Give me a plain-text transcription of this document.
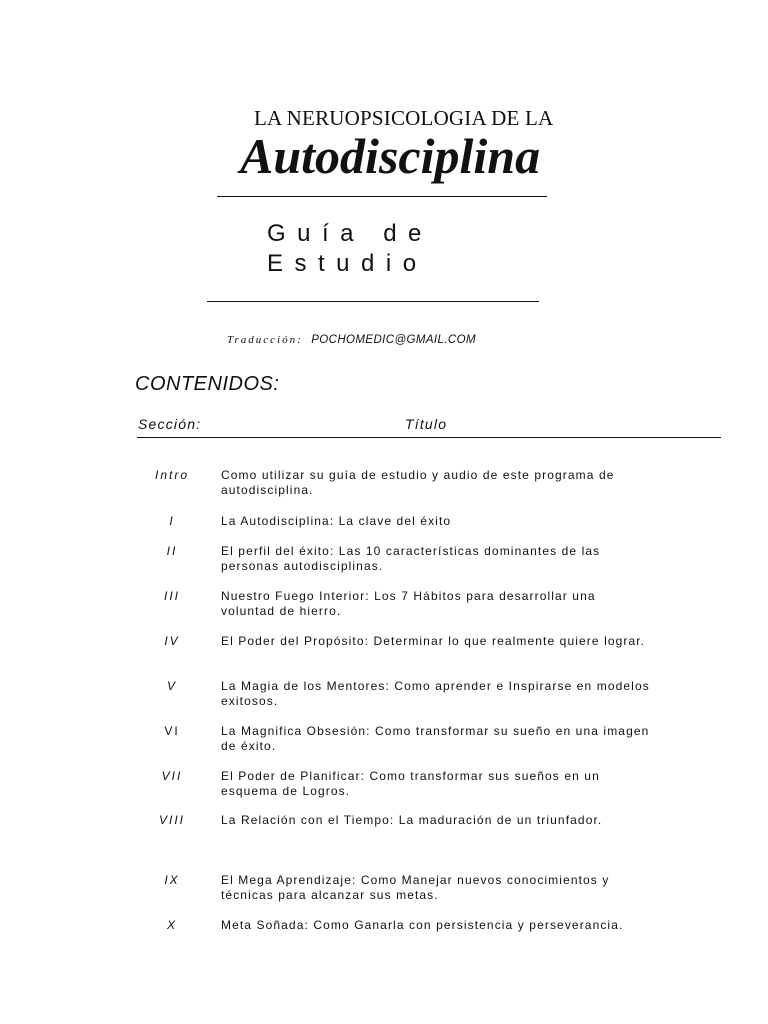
LA NERUOPSICOLOGIA DE LA
Autodisciplina
Guía de
Estudio
Traducción: POCHOMEDIC@GMAIL.COM
CONTENIDOS:
Sección:	Título
Intro	Como utilizar su guía de estudio y audio de este programa de autodisciplina.
I	La Autodisciplina: La clave del éxito
II	El perfil del éxito: Las 10 características dominantes de las personas autodisciplinas.
III	Nuestro Fuego Interior: Los 7 Hábitos para desarrollar una voluntad de hierro.
IV	El Poder del Propósito: Determinar lo que realmente quiere lograr.
V	La Magia de los Mentores: Como aprender e Inspirarse en modelos exitosos.
VI	La Magnifica Obsesión: Como transformar su sueño en una imagen de éxito.
VII	El Poder de Planificar: Como transformar sus sueños en un esquema de Logros.
VIII	La Relación con el Tiempo: La maduración de un triunfador.
IX	El Mega Aprendizaje: Como Manejar nuevos conocimientos y técnicas para alcanzar sus metas.
X	Meta Soñada: Como Ganarla con persistencia y perseverancia.
